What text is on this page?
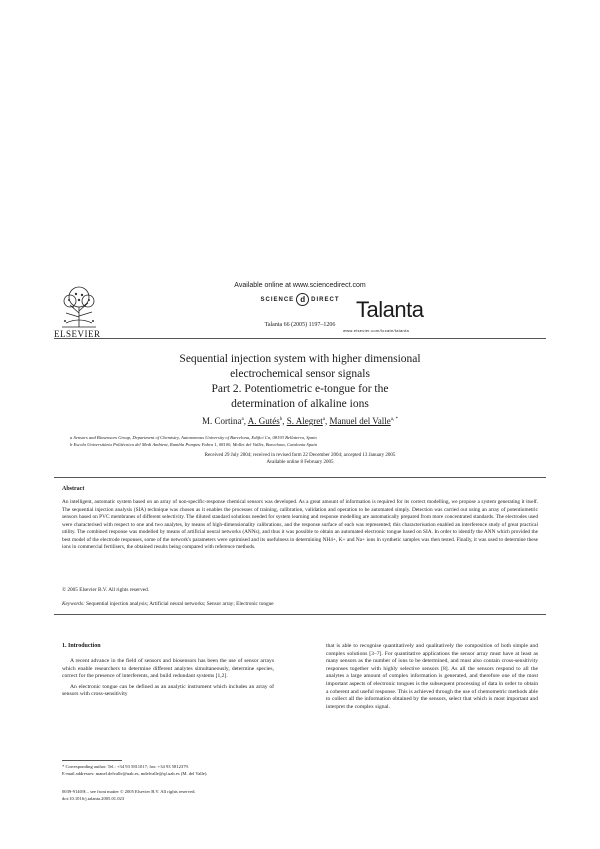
ELSEVIER
Available online at www.sciencedirect.com
SCIENCE d DIRECT
Talanta 66 (2005) 1197–1206
Talanta
www.elsevier.com/locate/talanta
Sequential injection system with higher dimensional
electrochemical sensor signals
Part 2. Potentiometric e-tongue for the
determination of alkaline ions
M. Cortina$^a$, A. Gutés$^b$, S. Alegret$^a$, Manuel del Valle$^{a, *}$
a Sensors and Biosensors Group, Department of Chemistry, Autonomous University of Barcelona, Edifici Cn, 08193 Bellaterra, Spain
b Escola Universitària Politècnica del Medi Ambient, Rambla Pompeu Fabra 1, 08100, Mollet del Vallès, Barcelona, Catalonia Spain
Received 29 July 2004; received in revised form 22 December 2004; accepted 13 January 2005
Available online 8 February 2005
Abstract
An intelligent, automatic system based on an array of non-specific-response chemical sensors was developed. As a great amount of information is required for its correct modelling, we propose a system generating it itself. The sequential injection analysis (SIA) technique was chosen as it enables the processes of training, calibration, validation and operation to be automated simply. Detection was carried out using an array of potentiometric sensors based on PVC membranes of different selectivity. The diluted standard solutions needed for system learning and response modelling are automatically prepared from more concentrated standards. The electrodes used were characterised with respect to one and two analytes, by means of high-dimensionality calibrations, and the response surface of each was represented; this characterisation enabled an interference study of great practical utility. The combined response was modelled by means of artificial neural networks (ANNs), and thus it was possible to obtain an automated electronic tongue based on SIA. In order to identify the ANN which provided the best model of the electrode responses, some of the network's parameters were optimised and its usefulness in determining NH4+, K+ and Na+ ions in synthetic samples was then tested. Finally, it was used to determine these ions in commercial fertilisers, the obtained results being compared with reference methods.
© 2005 Elsevier B.V. All rights reserved.
Keywords: Sequential injection analysis; Artificial neural networks; Sensor array; Electronic tongue
1. Introduction

A recent advance in the field of sensors and biosensors has been the use of sensor arrays which enable researchers to determine different analytes simultaneously, determine species, correct for the presence of interferents, and build redundant systems [1,2].

An electronic tongue can be defined as an analytic instrument which includes an array of sensors with cross-sensitivity

that is able to recognise quantitatively and qualitatively the composition of both simple and complex solutions [3–7]. For quantitative applications the sensor array must have at least as many sensors as the number of ions to be determined, and must also contain cross-sensitivity responses together with highly selective sensors [8]. As all the sensors respond to all the analytes a large amount of complex information is generated, and therefore one of the most important aspects of electronic tongues is the subsequent processing of data in order to obtain a coherent and useful response. This is achieved through the use of chemometric methods able to collect all the information obtained by the sensors, select that which is most important and interpret the complex signal.

* Corresponding author. Tel.: +34 93 5811017; fax: +34 93 5812379.
E-mail addresses: manel.delvalle@uab.es, mdelvalle@qf.uab.es (M. del Valle).
0039-9140/$ – see front matter © 2005 Elsevier B.V. All rights reserved.
doi:10.1016/j.talanta.2005.01.023
